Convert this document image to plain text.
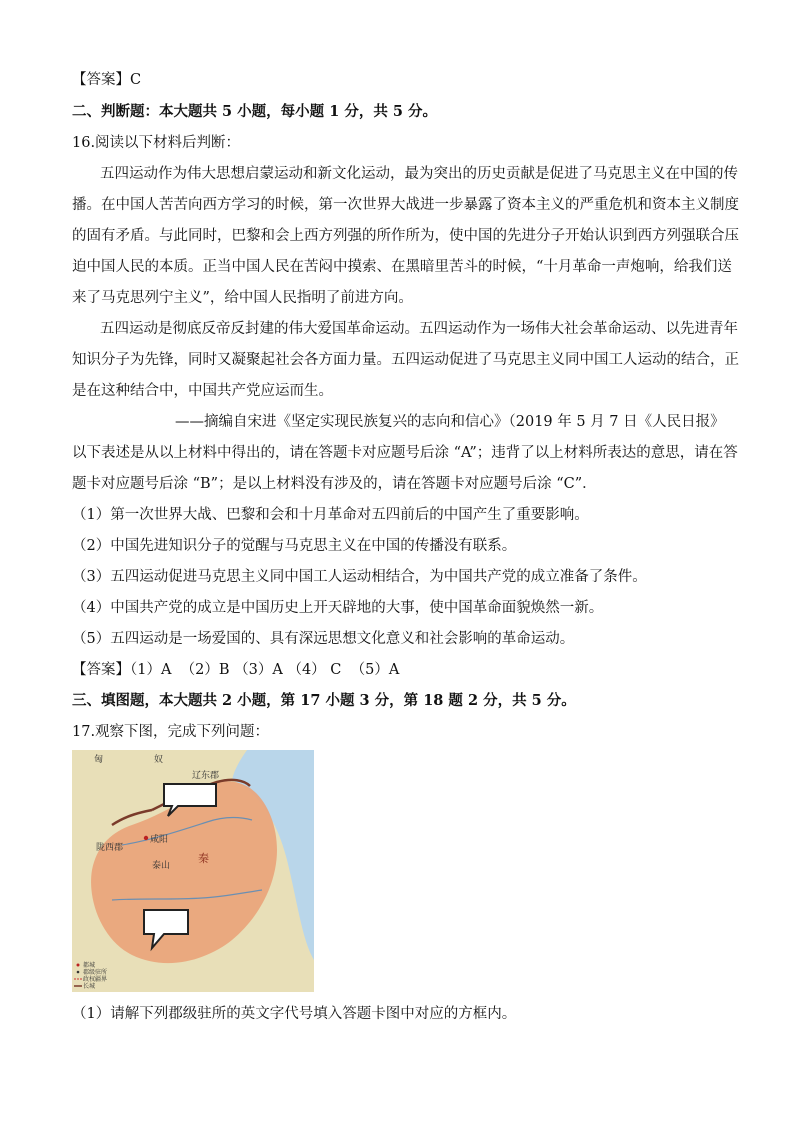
【答案】C
二、判断题：本大题共 5 小题，每小题 1 分，共 5 分。
16.阅读以下材料后判断：
五四运动作为伟大思想启蒙运动和新文化运动，最为突出的历史贡献是促进了马克思主义在中国的传
播。在中国人苦苦向西方学习的时候，第一次世界大战进一步暴露了资本主义的严重危机和资本主义制度
的固有矛盾。与此同时，巴黎和会上西方列强的所作所为，使中国的先进分子开始认识到西方列强联合压
迫中国人民的本质。正当中国人民在苦闷中摸索、在黑暗里苦斗的时候，“十月革命一声炮响，给我们送
来了马克思列宁主义”，给中国人民指明了前进方向。
五四运动是彻底反帝反封建的伟大爱国革命运动。五四运动作为一场伟大社会革命运动、以先进青年
知识分子为先锋，同时又凝聚起社会各方面力量。五四运动促进了马克思主义同中国工人运动的结合，正
是在这种结合中，中国共产党应运而生。
——摘编自宋进《坚定实现民族复兴的志向和信心》（2019 年 5 月 7 日《人民日报》
以下表述是从以上材料中得出的，请在答题卡对应题号后涂 “A”；违背了以上材料所表达的意思，请在答
题卡对应题号后涂 “B”；是以上材料没有涉及的，请在答题卡对应题号后涂 “C”．
（1）第一次世界大战、巴黎和会和十月革命对五四前后的中国产生了重要影响。
（2）中国先进知识分子的觉醒与马克思主义在中国的传播没有联系。
（3）五四运动促进马克思主义同中国工人运动相结合，为中国共产党的成立准备了条件。
（4）中国共产党的成立是中国历史上开天辟地的大事，使中国革命面貌焕然一新。
（5）五四运动是一场爱国的、具有深远思想文化意义和社会影响的革命运动。
【答案】（1）A  （2）B （3）A （4） C  （5）A
三、填图题，本大题共 2 小题，第 17 小题 3 分，第 18 题 2 分，共 5 分。
17.观察下图，完成下列问题：
匈	奴
辽东郡
陇西郡
咸阳
秦
泰山
都城
郡级驻所
政权疆界
长城
（1）请解下列郡级驻所的英文字代号填入答题卡图中对应的方框内。
